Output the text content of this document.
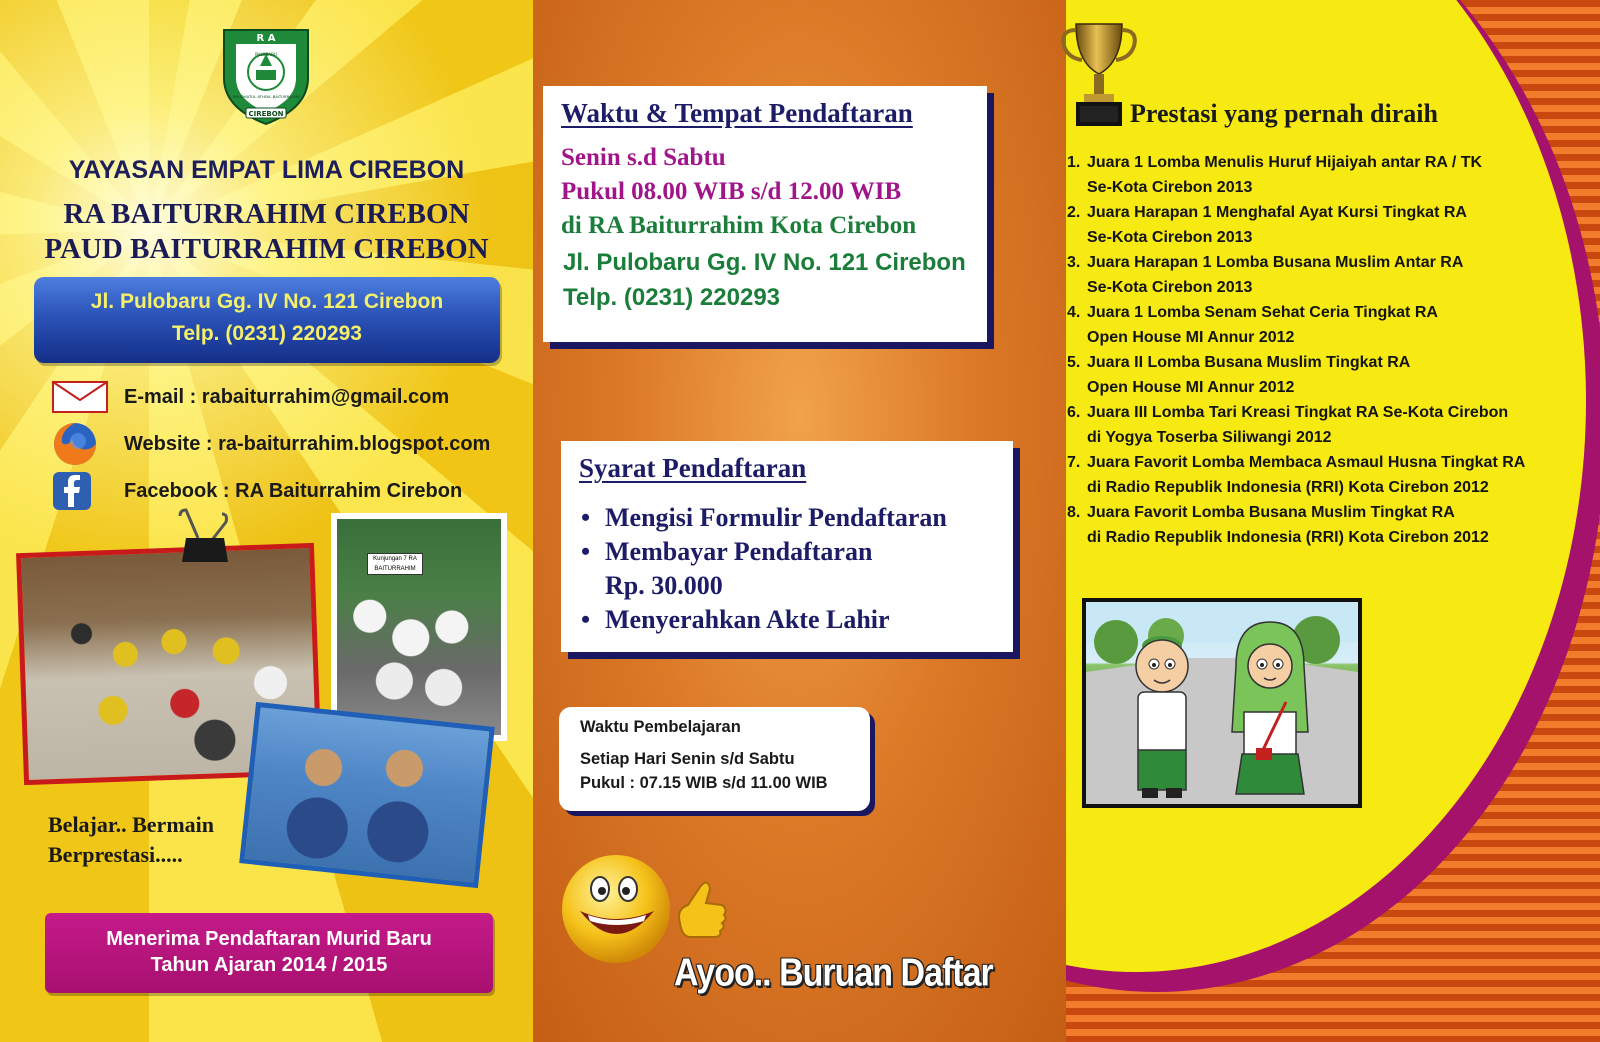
R A
CIREBON
RAUDHATUL ATHFAL BAITURRAHIM
PULOBARU
YAYASAN EMPAT LIMA CIREBON
RA BAITURRAHIM CIREBON
PAUD BAITURRAHIM CIREBON
Jl. Pulobaru Gg. IV No. 121 Cirebon
Telp. (0231) 220293
E-mail : rabaiturrahim@gmail.com
Website : ra-baiturrahim.blogspot.com
Facebook : RA Baiturrahim Cirebon
Kunjungan 7 RA BAITURRAHIM
Belajar.. Bermain
Berprestasi.....
Menerima Pendaftaran Murid Baru
Tahun Ajaran 2014 / 2015
Waktu & Tempat Pendaftaran
Senin s.d Sabtu
Pukul 08.00 WIB s/d 12.00 WIB
di RA Baiturrahim Kota Cirebon
Jl. Pulobaru Gg. IV No. 121 Cirebon
Telp. (0231) 220293
Syarat Pendaftaran
• Mengisi Formulir Pendaftaran
• Membayar Pendaftaran
Rp. 30.000
• Menyerahkan Akte Lahir
Waktu Pembelajaran
Setiap Hari Senin s/d Sabtu
Pukul : 07.15 WIB s/d 11.00 WIB
Ayoo.. Buruan Daftar
Prestasi yang pernah diraih
1. Juara 1 Lomba Menulis Huruf Hijaiyah antar RA / TK
Se-Kota Cirebon 2013
2. Juara Harapan 1 Menghafal Ayat Kursi Tingkat RA
Se-Kota Cirebon 2013
3. Juara Harapan 1 Lomba Busana Muslim Antar RA
Se-Kota Cirebon 2013
4. Juara 1 Lomba Senam Sehat Ceria Tingkat RA
Open House MI Annur 2012
5. Juara II Lomba Busana Muslim Tingkat RA
Open House MI Annur 2012
6. Juara III Lomba Tari Kreasi Tingkat RA Se-Kota Cirebon
di Yogya Toserba Siliwangi 2012
7. Juara Favorit Lomba Membaca Asmaul Husna Tingkat RA
di Radio Republik Indonesia (RRI) Kota Cirebon 2012
8. Juara Favorit Lomba Busana Muslim Tingkat RA
di Radio Republik Indonesia (RRI) Kota Cirebon 2012
